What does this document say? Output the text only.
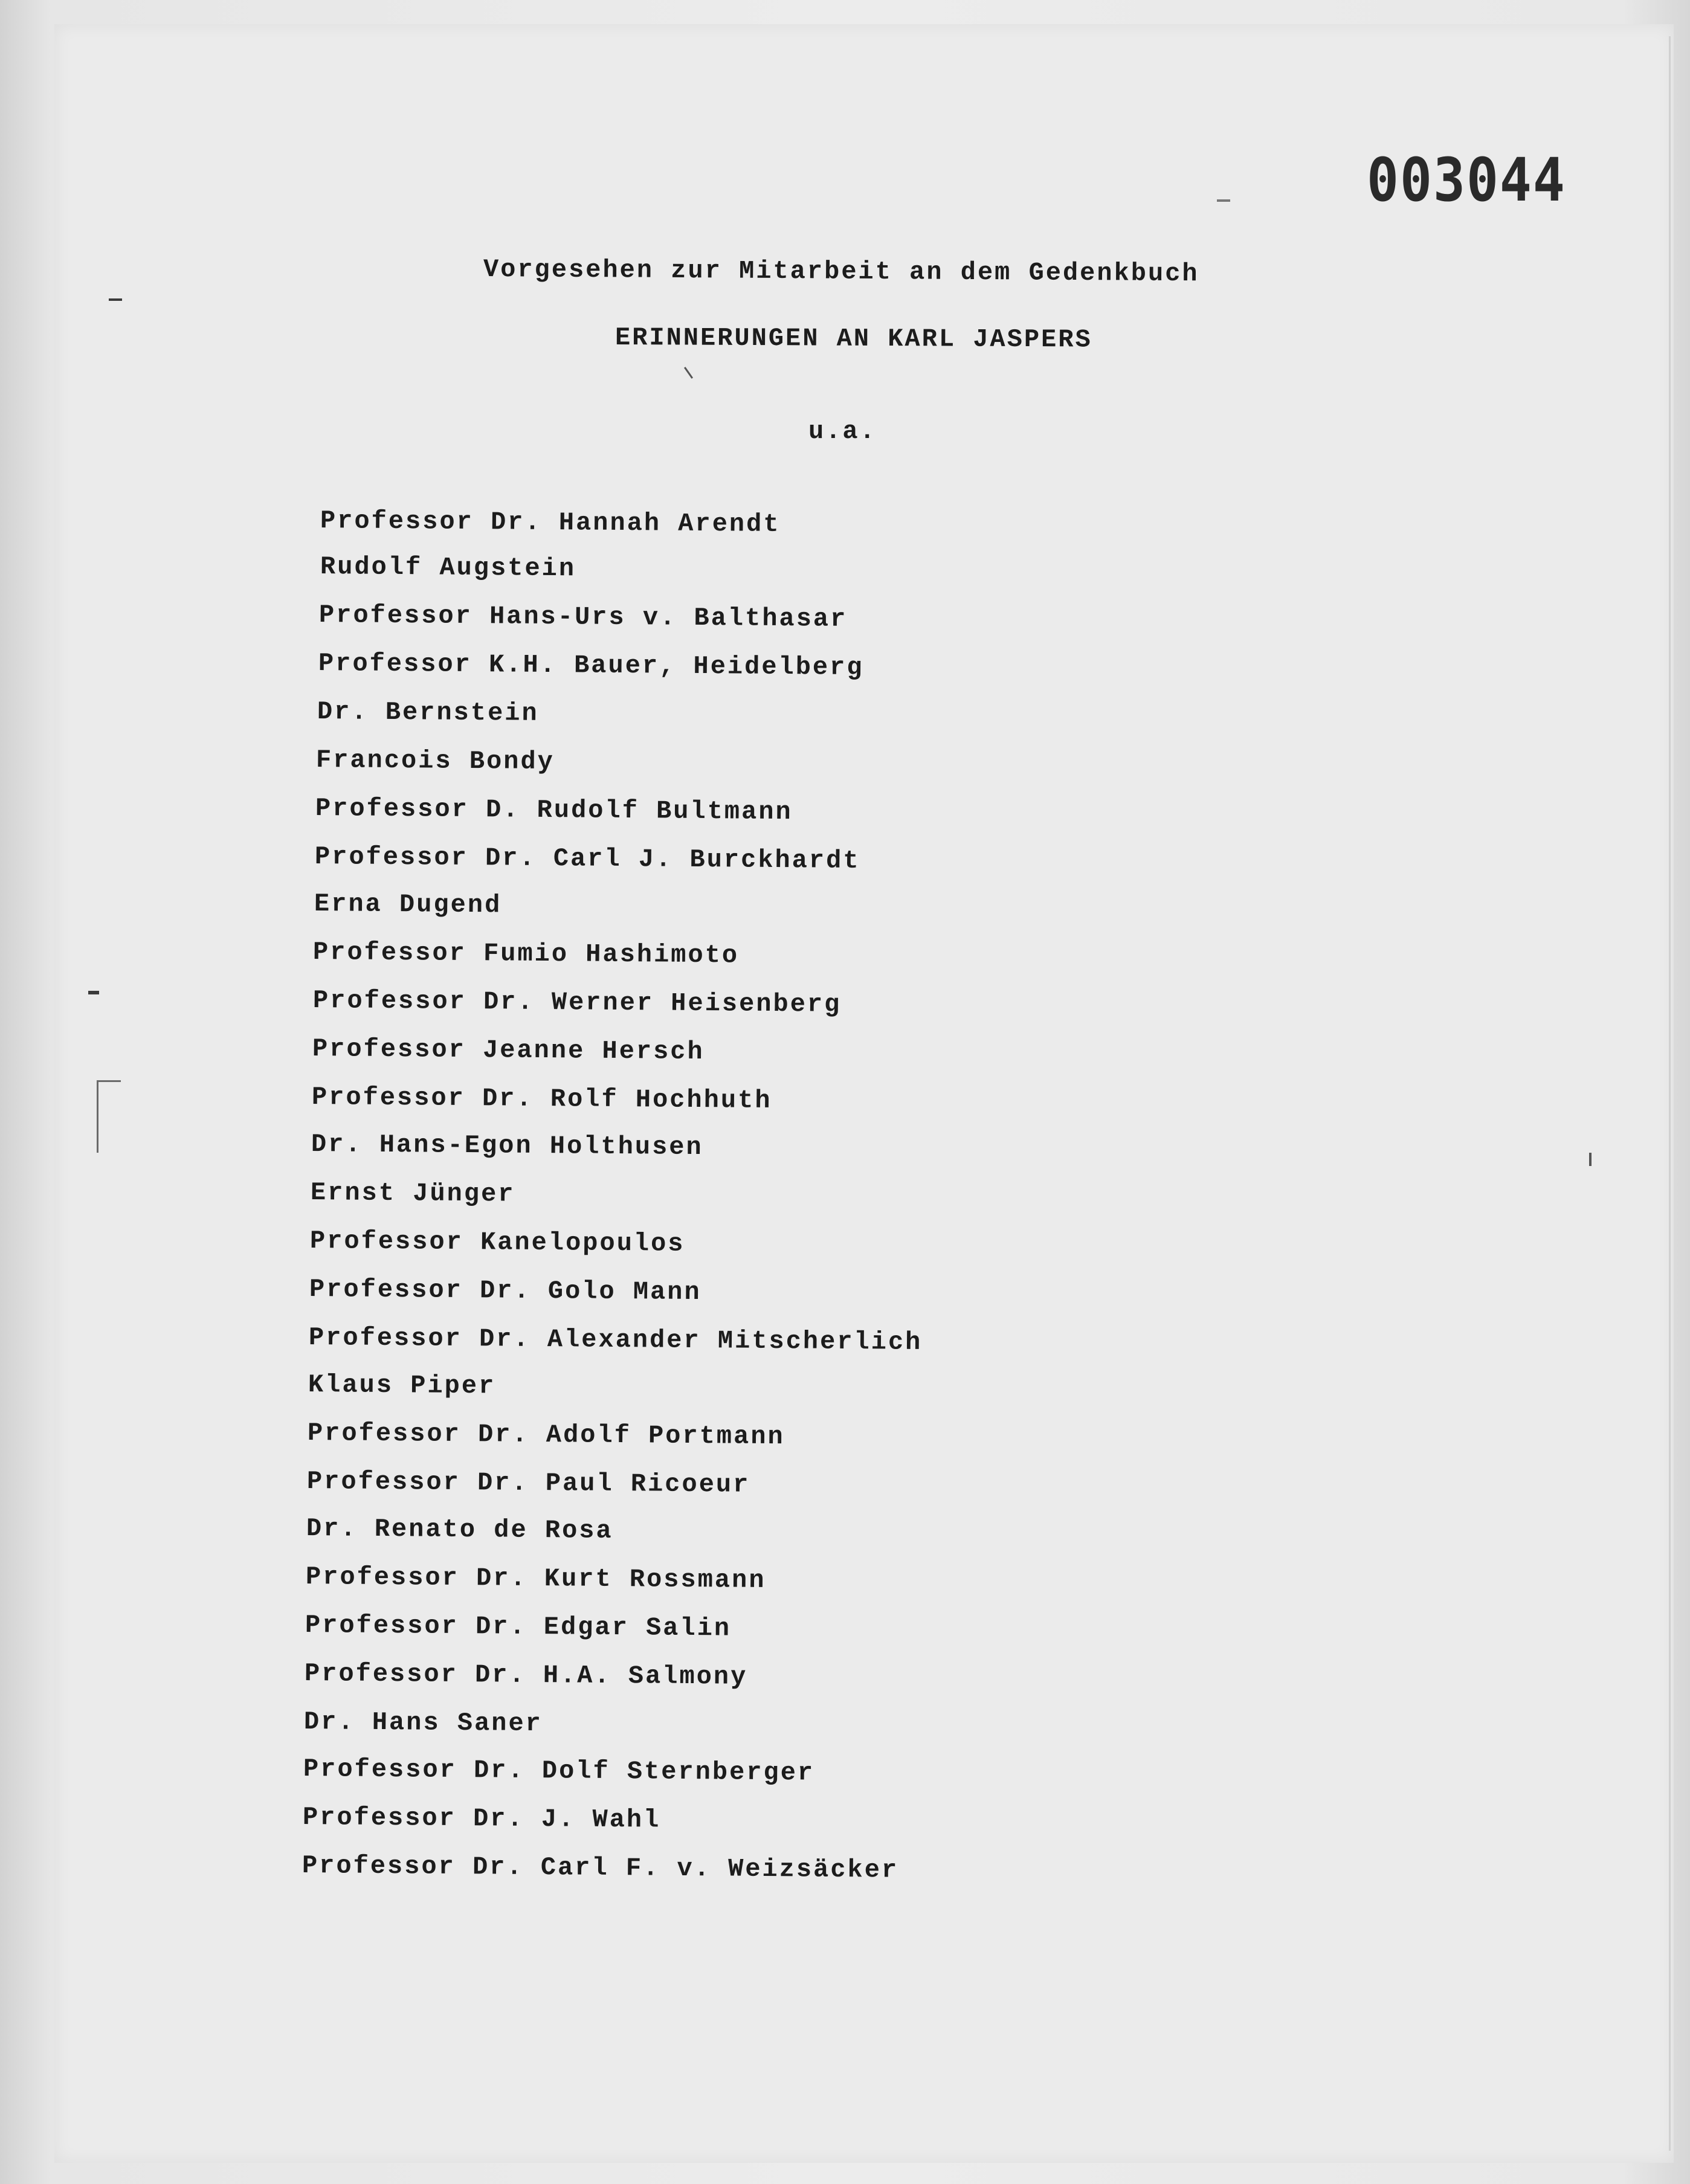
003044
Vorgesehen zur Mitarbeit an dem Gedenkbuch
ERINNERUNGEN AN KARL JASPERS
u.a.
Professor Dr. Hannah Arendt
Rudolf Augstein
Professor Hans-Urs v. Balthasar
Professor K.H. Bauer, Heidelberg
Dr. Bernstein
Francois Bondy
Professor D. Rudolf Bultmann
Professor Dr. Carl J. Burckhardt
Erna Dugend
Professor Fumio Hashimoto
Professor Dr. Werner Heisenberg
Professor Jeanne Hersch
Professor Dr. Rolf Hochhuth
Dr. Hans-Egon Holthusen
Ernst Jünger
Professor Kanelopoulos
Professor Dr. Golo Mann
Professor Dr. Alexander Mitscherlich
Klaus Piper
Professor Dr. Adolf Portmann
Professor Dr. Paul Ricoeur
Dr. Renato de Rosa
Professor Dr. Kurt Rossmann
Professor Dr. Edgar Salin
Professor Dr. H.A. Salmony
Dr. Hans Saner
Professor Dr. Dolf Sternberger
Professor Dr. J. Wahl
Professor Dr. Carl F. v. Weizsäcker
